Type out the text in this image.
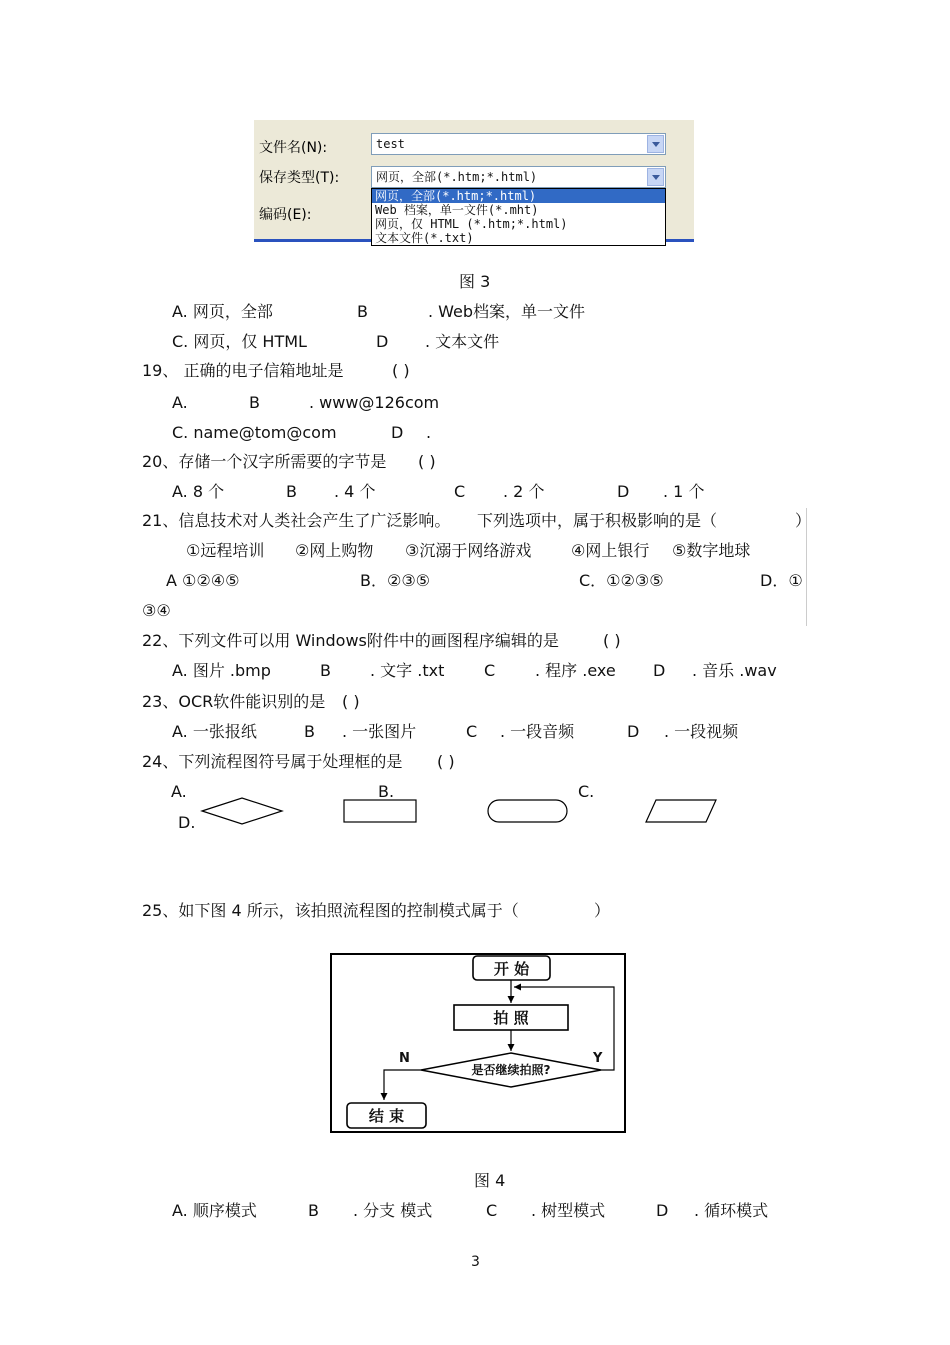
文件名(N):	test
保存类型(T):	网页，全部(*.htm;*.html)
编码(E):
网页，全部(*.htm;*.html)
Web 档案，单一文件(*.mht)
网页，仅 HTML (*.htm;*.html)
文本文件(*.txt)
图 3
A. 网页，全部	B	. Web档案，单一文件
C. 网页，仅 HTML	D . 文本文件
19、 正确的电子信箱地址是	( )
A.	B	. www@126com
C. name@tom@com	D .
20、存储一个汉字所需要的字节是 ( )
A. 8 个	B . 4 个	C . 2 个	D . 1 个
21、信息技术对人类社会产生了广泛影响。 下列选项中，属于积极影响的是（	）
①远程培训 ②网上购物 ③沉溺于网络游戏 ④网上银行 ⑤数字地球
A ①②④⑤	B．②③⑤	C．①②③⑤	D．①
③④
22、下列文件可以用 Windows附件中的画图程序编辑的是	( )
A. 图片 .bmp	B . 文字 .txt C . 程序 .exe D . 音乐 .wav
23、OCR软件能识别的是 ( )
A. 一张报纸	B . 一张图片	C . 一段音频	D . 一段视频
24、下列流程图符号属于处理框的是 ( )
A.	B.	C.
D.
25、如下图 4 所示，该拍照流程图的控制模式属于（	）
开 始
拍 照
是否继续拍照?
结 束
N	Y
图 4
A. 顺序模式	B . 分支 模式	C . 树型模式	D . 循环模式
3
